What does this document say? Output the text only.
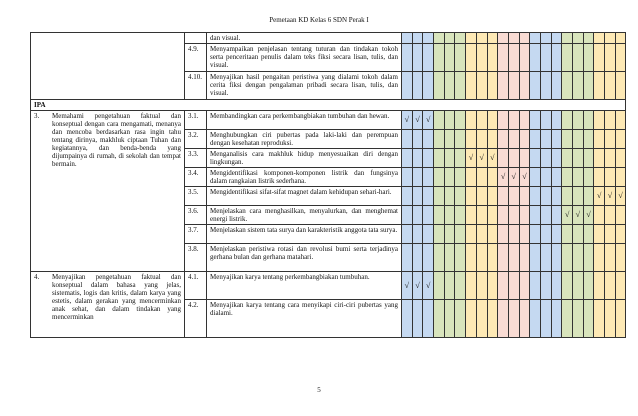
Pemetaan KD Kelas 6 SDN Perak I
		dan visual.																					
	4.9.	Menyampaikan penjelasan tentang tuturan dan tindakan tokoh serta penceritaan penulis dalam teks fiksi secara lisan, tulis, dan visual.																					
	4.10.	Menyajikan hasil pengaitan peristiwa yang dialami tokoh dalam cerita fiksi dengan pengalaman pribadi secara lisan, tulis, dan visual.																					
IPA																							

3. Memahami pengetahuan faktual dan konseptual dengan cara mengamati, menanya dan mencoba berdasarkan rasa ingin tahu tentang dirinya, makhluk ciptaan Tuhan dan kegiatannya, dan benda-benda yang dijumpainya di rumah, di sekolah dan tempat bermain.	3.1.	Membandingkan cara perkembangbiakan tumbuhan dan hewan.	√	√	√																		
	3.2.	Menghubungkan ciri pubertas pada laki-laki dan perempuan dengan kesehatan reproduksi.																					
	3.3.	Menganalisis cara makhluk hidup menyesuaikan diri dengan lingkungan.							√	√	√												
	3.4.	Mengidentifikasi komponen-komponen listrik dan fungsinya dalam rangkaian listrik sederhana.										√	√	√									
	3.5.	Mengidentifikasi sifat-sifat magnet dalam kehidupan sehari-hari.																			√	√	√
	3.6.	Menjelaskan cara menghasilkan, menyalurkan, dan menghemat energi listrik.																√	√	√			
	3.7.	Menjelaskan sistem tata surya dan karakteristik anggota tata surya.																					
	3.8.	Menjelaskan peristiwa rotasi dan revolusi bumi serta terjadinya gerhana bulan dan gerhana matahari.																					

4. Menyajikan pengetahuan faktual dan konseptual dalam bahasa yang jelas, sistematis, logis dan kritis, dalam karya yang estetis, dalam gerakan yang mencerminkan anak sehat, dan dalam tindakan yang mencerminkan	4.1.	Menyajikan karya tentang perkembangbiakan tumbuhan.	√	√	√																		
	4.2.	Menyajikan karya tentang cara menyikapi ciri-ciri pubertas yang dialami.																					
5
